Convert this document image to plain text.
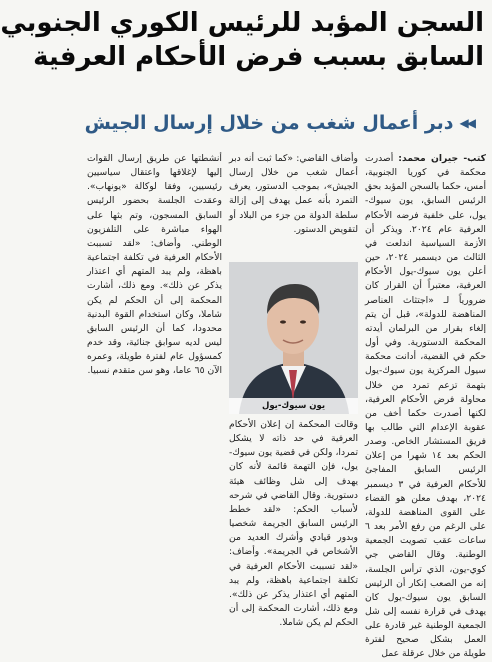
السجن المؤبد للرئيس الكوري الجنوبي
السابق بسبب فرض الأحكام العرفية
◀◀
دبر أعمال شغب من خلال إرسال الجيش

كتب- جيران محمد: أصدرت محكمة في كوريا الجنوبية، أمس، حكما بالسجن المؤبد بحق الرئيس السابق، يون سيوك-يول، على خلفية فرضه الأحكام العرفية عام ٢٠٢٤. ويذكر أن الأزمة السياسية اندلعت في الثالث من ديسمبر ٢٠٢٤، حين أعلن يون سيوك-يول الأحكام العرفية، معتبراً أن القرار كان ضرورياً لـ «اجتثاث العناصر المناهضة للدولة»، قبل أن يتم إلغاء بقرار من البرلمان أيدته المحكمة الدستورية. وفي أول حكم في القضية، أدانت محكمة سيول المركزية يون سيوك-يول بتهمة تزعم تمرد من خلال محاولة فرض الأحكام العرفية، لكنها أصدرت حكما أخف من عقوبة الإعدام التي طالب بها فريق المستشار الخاص. وصدر الحكم بعد ١٤ شهرا من إعلان الرئيس السابق المفاجئ للأحكام العرفية في ٣ ديسمبر ٢٠٢٤، بهدف معلن هو القضاء على القوى المناهضة للدولة، على الرغم من رفع الأمر بعد ٦ ساعات عقب تصويت الجمعية الوطنية. وقال القاضي جي كوي-يون، الذي ترأس الجلسة، إنه من الصعب إنكار أن الرئيس السابق يون سيوك-يول كان يهدف في قرارة نفسه إلى شل الجمعية الوطنية غير قادرة على العمل بشكل صحيح لفترة طويلة من خلال عرقلة عمل

وأضاف القاضي: «كما ثبت أنه دبر أعمال شغب من خلال إرسال الجيش»، بموجب الدستور، يعرف التمرد بأنه عمل يهدف إلى إزالة سلطة الدولة من جزء من البلاد أو لتقويض الدستور.

يون سيوك-يول

وقالت المحكمة إن إعلان الأحكام العرفية في حد ذاته لا يشكل تمردا، ولكن في قضية يون سيوك-يول، فإن التهمة قائمة لأنه كان يهدف إلى شل وظائف هيئة دستورية. وقال القاضي في شرحه لأسباب الحكم: «لقد خطط الرئيس السابق الجريمة شخصيا وبدور قيادي وأشرك العديد من الأشخاص في الجريمة». وأضاف: «لقد تسببت الأحكام العرفية في تكلفة اجتماعية باهظة، ولم يبد المتهم أي اعتذار يذكر عن ذلك». ومع ذلك، أشارت المحكمة إلى أن الحكم لم يكن شاملا.

أنشطتها عن طريق إرسال القوات إليها لإغلاقها واعتقال سياسيين رئيسيين، وفقا لوكالة «يونهاب». وعقدت الجلسة بحضور الرئيس السابق المسجون، وتم بثها على الهواء مباشرة على التلفزيون الوطني. وأضاف: «لقد تسببت الأحكام العرفية في تكلفة اجتماعية باهظة، ولم يبد المتهم أي اعتذار يذكر عن ذلك». ومع ذلك، أشارت المحكمة إلى أن الحكم لم يكن شاملا، وكان استخدام القوة البدنية محدودا، كما أن الرئيس السابق ليس لديه سوابق جنائية، وقد خدم كمسؤول عام لفترة طويلة، وعمره الآن ٦٥ عاما، وهو سن متقدم نسبيا.
